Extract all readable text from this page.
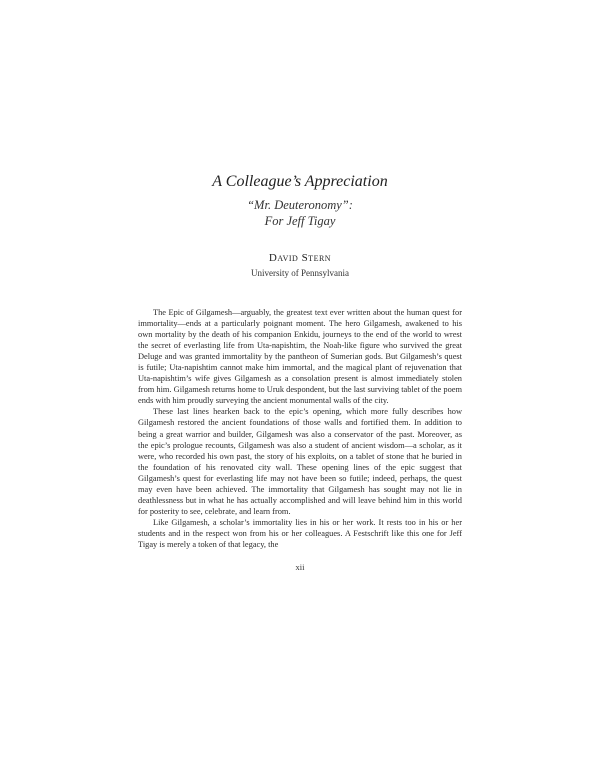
A Colleague’s Appreciation
“Mr. Deuteronomy”:
For Jeff Tigay
David Stern
University of Pennsylvania

The Epic of Gilgamesh—arguably, the greatest text ever written about the human quest for immortality—ends at a particularly poignant moment. The hero Gilgamesh, awakened to his own mortality by the death of his companion Enkidu, journeys to the end of the world to wrest the secret of everlasting life from Uta-napishtim, the Noah-like figure who survived the great Deluge and was granted immortality by the pantheon of Sumerian gods. But Gilgamesh’s quest is futile; Uta-napishtim cannot make him immortal, and the magical plant of rejuvenation that Uta-napishtim’s wife gives Gilgamesh as a consolation present is almost immediately stolen from him. Gilgamesh returns home to Uruk despondent, but the last surviving tablet of the poem ends with him proudly surveying the ancient monumental walls of the city.

These last lines hearken back to the epic’s opening, which more fully describes how Gilgamesh restored the ancient foundations of those walls and fortified them. In addition to being a great warrior and builder, Gilgamesh was also a conservator of the past. Moreover, as the epic’s prologue recounts, Gilgamesh was also a student of ancient wisdom—a scholar, as it were, who recorded his own past, the story of his exploits, on a tablet of stone that he buried in the foundation of his renovated city wall. These opening lines of the epic suggest that Gilgamesh’s quest for everlasting life may not have been so futile; indeed, perhaps, the quest may even have been achieved. The immortality that Gilgamesh has sought may not lie in deathlessness but in what he has actually accomplished and will leave behind him in this world for posterity to see, celebrate, and learn from.

Like Gilgamesh, a scholar’s immortality lies in his or her work. It rests too in his or her students and in the respect won from his or her colleagues. A Festschrift like this one for Jeff Tigay is merely a token of that legacy, the

xii
